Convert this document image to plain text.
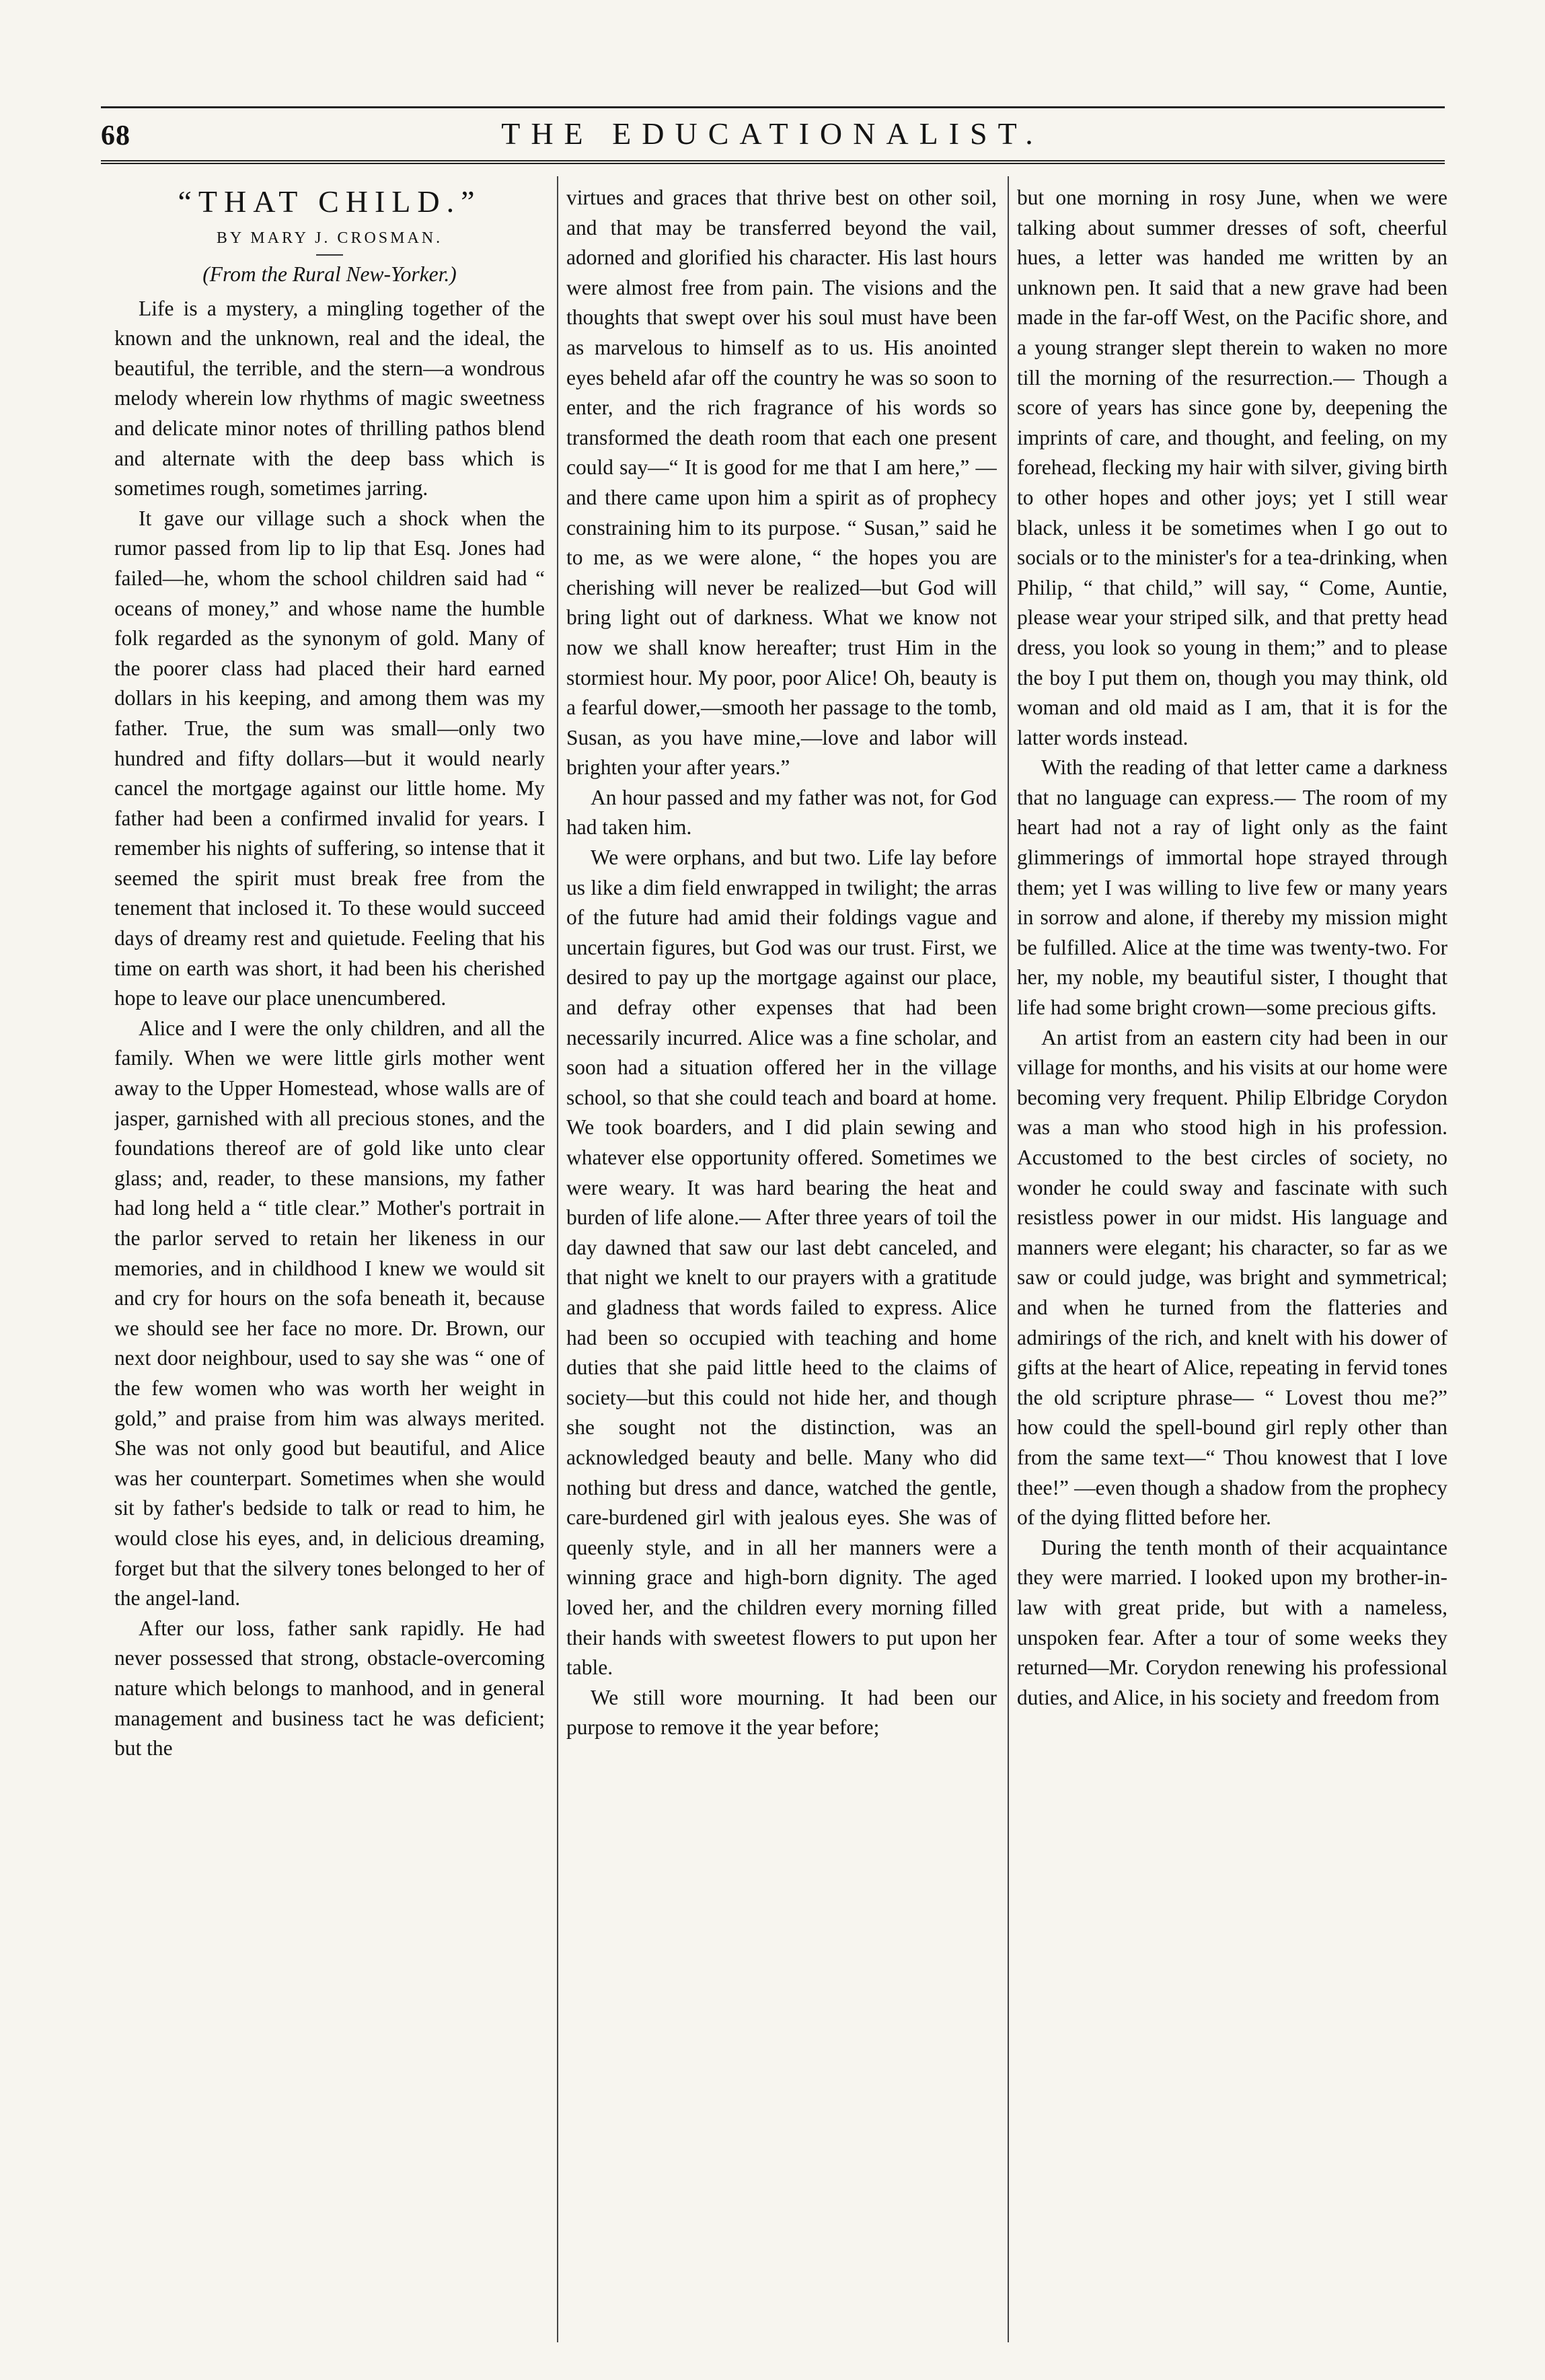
68	THE EDUCATIONALIST.
“THAT CHILD.”
BY MARY J. CROSMAN.
(From the Rural New-Yorker.)

Life is a mystery, a mingling together of the known and the unknown, real and the ideal, the beautiful, the terrible, and the stern—a wondrous melody wherein low rhythms of magic sweetness and delicate minor notes of thrilling pathos blend and alternate with the deep bass which is sometimes rough, sometimes jarring.

It gave our village such a shock when the rumor passed from lip to lip that Esq. Jones had failed—he, whom the school children said had “ oceans of money,” and whose name the humble folk regarded as the synonym of gold. Many of the poorer class had placed their hard earned dollars in his keeping, and among them was my father. True, the sum was small—only two hundred and fifty dollars—but it would nearly cancel the mortgage against our little home. My father had been a confirmed invalid for years. I remember his nights of suffering, so intense that it seemed the spirit must break free from the tenement that inclosed it. To these would succeed days of dreamy rest and quietude. Feeling that his time on earth was short, it had been his cherished hope to leave our place unencumbered.

Alice and I were the only children, and all the family. When we were little girls mother went away to the Upper Homestead, whose walls are of jasper, garnished with all precious stones, and the foundations thereof are of gold like unto clear glass; and, reader, to these mansions, my father had long held a “ title clear.” Mother's portrait in the parlor served to retain her likeness in our memories, and in childhood I knew we would sit and cry for hours on the sofa beneath it, because we should see her face no more. Dr. Brown, our next door neighbour, used to say she was “ one of the few women who was worth her weight in gold,” and praise from him was always merited. She was not only good but beautiful, and Alice was her counterpart. Sometimes when she would sit by father's bedside to talk or read to him, he would close his eyes, and, in delicious dreaming, forget but that the silvery tones belonged to her of the angel-land.

After our loss, father sank rapidly. He had never possessed that strong, obstacle-overcoming nature which belongs to manhood, and in general management and business tact he was deficient; but the

virtues and graces that thrive best on other soil, and that may be transferred beyond the vail, adorned and glorified his character. His last hours were almost free from pain. The visions and the thoughts that swept over his soul must have been as marvelous to himself as to us. His anointed eyes beheld afar off the country he was so soon to enter, and the rich fragrance of his words so transformed the death room that each one present could say—“ It is good for me that I am here,” —and there came upon him a spirit as of prophecy constraining him to its purpose. “ Susan,” said he to me, as we were alone, “ the hopes you are cherishing will never be realized—but God will bring light out of darkness. What we know not now we shall know hereafter; trust Him in the stormiest hour. My poor, poor Alice! Oh, beauty is a fearful dower,—smooth her passage to the tomb, Susan, as you have mine,—love and labor will brighten your after years.”

An hour passed and my father was not, for God had taken him.

We were orphans, and but two. Life lay before us like a dim field enwrapped in twilight; the arras of the future had amid their foldings vague and uncertain figures, but God was our trust. First, we desired to pay up the mortgage against our place, and defray other expenses that had been necessarily incurred. Alice was a fine scholar, and soon had a situation offered her in the village school, so that she could teach and board at home. We took boarders, and I did plain sewing and whatever else opportunity offered. Sometimes we were weary. It was hard bearing the heat and burden of life alone.— After three years of toil the day dawned that saw our last debt canceled, and that night we knelt to our prayers with a gratitude and gladness that words failed to express. Alice had been so occupied with teaching and home duties that she paid little heed to the claims of society—but this could not hide her, and though she sought not the distinction, was an acknowledged beauty and belle. Many who did nothing but dress and dance, watched the gentle, care-burdened girl with jealous eyes. She was of queenly style, and in all her manners were a winning grace and high-born dignity. The aged loved her, and the children every morning filled their hands with sweetest flowers to put upon her table.

We still wore mourning. It had been our purpose to remove it the year before;

but one morning in rosy June, when we were talking about summer dresses of soft, cheerful hues, a letter was handed me written by an unknown pen. It said that a new grave had been made in the far-off West, on the Pacific shore, and a young stranger slept therein to waken no more till the morning of the resurrection.— Though a score of years has since gone by, deepening the imprints of care, and thought, and feeling, on my forehead, flecking my hair with silver, giving birth to other hopes and other joys; yet I still wear black, unless it be sometimes when I go out to socials or to the minister's for a tea-drinking, when Philip, “ that child,” will say, “ Come, Auntie, please wear your striped silk, and that pretty head dress, you look so young in them;” and to please the boy I put them on, though you may think, old woman and old maid as I am, that it is for the latter words instead.

With the reading of that letter came a darkness that no language can express.— The room of my heart had not a ray of light only as the faint glimmerings of immortal hope strayed through them; yet I was willing to live few or many years in sorrow and alone, if thereby my mission might be fulfilled. Alice at the time was twenty-two. For her, my noble, my beautiful sister, I thought that life had some bright crown—some precious gifts.

An artist from an eastern city had been in our village for months, and his visits at our home were becoming very frequent. Philip Elbridge Corydon was a man who stood high in his profession. Accustomed to the best circles of society, no wonder he could sway and fascinate with such resistless power in our midst. His language and manners were elegant; his character, so far as we saw or could judge, was bright and symmetrical; and when he turned from the flatteries and admirings of the rich, and knelt with his dower of gifts at the heart of Alice, repeating in fervid tones the old scripture phrase— “ Lovest thou me?” how could the spell-bound girl reply other than from the same text—“ Thou knowest that I love thee!” —even though a shadow from the prophecy of the dying flitted before her.

During the tenth month of their acquaintance they were married. I looked upon my brother-in-law with great pride, but with a nameless, unspoken fear. After a tour of some weeks they returned—Mr. Corydon renewing his professional duties, and Alice, in his society and freedom from
